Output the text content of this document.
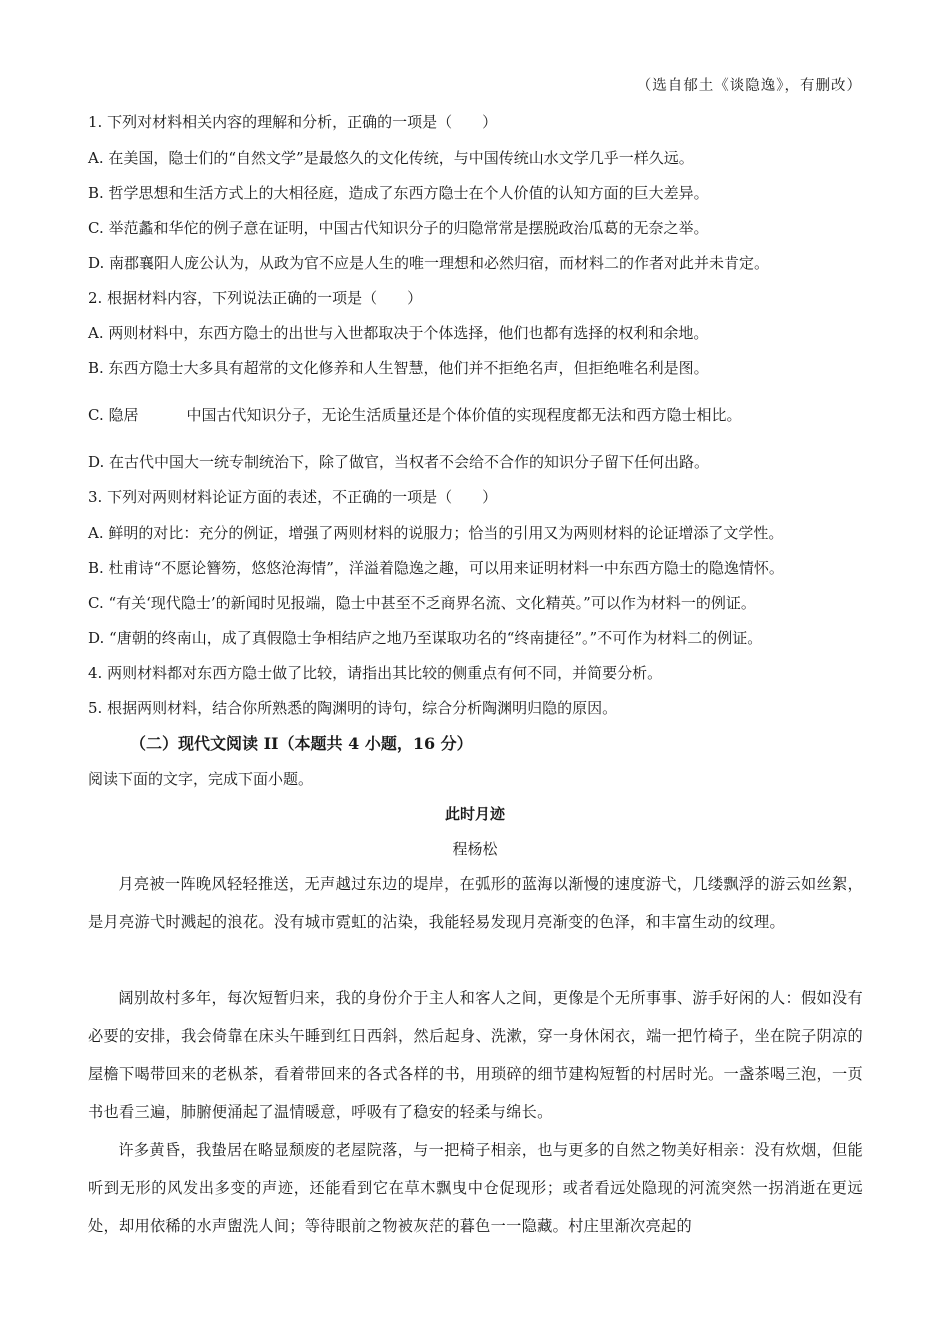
（选自郁土《谈隐逸》，有删改）
1. 下列对材料相关内容的理解和分析，正确的一项是（　　）
A. 在美国，隐士们的“自然文学”是最悠久的文化传统，与中国传统山水文学几乎一样久远。
B. 哲学思想和生活方式上的大相径庭，造成了东西方隐士在个人价值的认知方面的巨大差异。
C. 举范蠡和华佗的例子意在证明，中国古代知识分子的归隐常常是摆脱政治瓜葛的无奈之举。
D. 南郡襄阳人庞公认为，从政为官不应是人生的唯一理想和必然归宿，而材料二的作者对此并未肯定。
2. 根据材料内容，下列说法正确的一项是（　　）
A. 两则材料中，东西方隐士的出世与入世都取决于个体选择，他们也都有选择的权利和余地。
B. 东西方隐士大多具有超常的文化修养和人生智慧，他们并不拒绝名声，但拒绝唯名利是图。
C. 隐居	中国古代知识分子，无论生活质量还是个体价值的实现程度都无法和西方隐士相比。
D. 在古代中国大一统专制统治下，除了做官，当权者不会给不合作的知识分子留下任何出路。
3. 下列对两则材料论证方面的表述，不正确的一项是（　　）
A. 鲜明的对比：充分的例证，增强了两则材料的说服力；恰当的引用又为两则材料的论证增添了文学性。
B. 杜甫诗“不愿论簪笏，悠悠沧海情”，洋溢着隐逸之趣，可以用来证明材料一中东西方隐士的隐逸情怀。
C. “有关‘现代隐士’的新闻时见报端，隐士中甚至不乏商界名流、文化精英。”可以作为材料一的例证。
D. “唐朝的终南山，成了真假隐士争相结庐之地乃至谋取功名的“终南捷径”。”不可作为材料二的例证。
4. 两则材料都对东西方隐士做了比较，请指出其比较的侧重点有何不同，并简要分析。
5. 根据两则材料，结合你所熟悉的陶渊明的诗句，综合分析陶渊明归隐的原因。
（二）现代文阅读 II（本题共 4 小题，16 分）
阅读下面的文字，完成下面小题。
此时月迹
程杨松
月亮被一阵晚风轻轻推送，无声越过东边的堤岸，在弧形的蓝海以渐慢的速度游弋，几缕飘浮的游云如丝絮，是月亮游弋时溅起的浪花。没有城市霓虹的沾染，我能轻易发现月亮渐变的色泽，和丰富生动的纹理。
阔别故村多年，每次短暂归来，我的身份介于主人和客人之间，更像是个无所事事、游手好闲的人：假如没有必要的安排，我会倚靠在床头午睡到红日西斜，然后起身、洗漱，穿一身休闲衣，端一把竹椅子，坐在院子阴凉的屋檐下喝带回来的老枞茶，看着带回来的各式各样的书，用琐碎的细节建构短暂的村居时光。一盏茶喝三泡，一页书也看三遍，肺腑便涌起了温情暖意，呼吸有了稳安的轻柔与绵长。
许多黄昏，我蛰居在略显颓废的老屋院落，与一把椅子相亲，也与更多的自然之物美好相亲：没有炊烟，但能听到无形的风发出多变的声迹，还能看到它在草木飘曳中仓促现形；或者看远处隐现的河流突然一拐消逝在更远处，却用依稀的水声盥洗人间；等待眼前之物被灰茫的暮色一一隐藏。村庄里渐次亮起的
